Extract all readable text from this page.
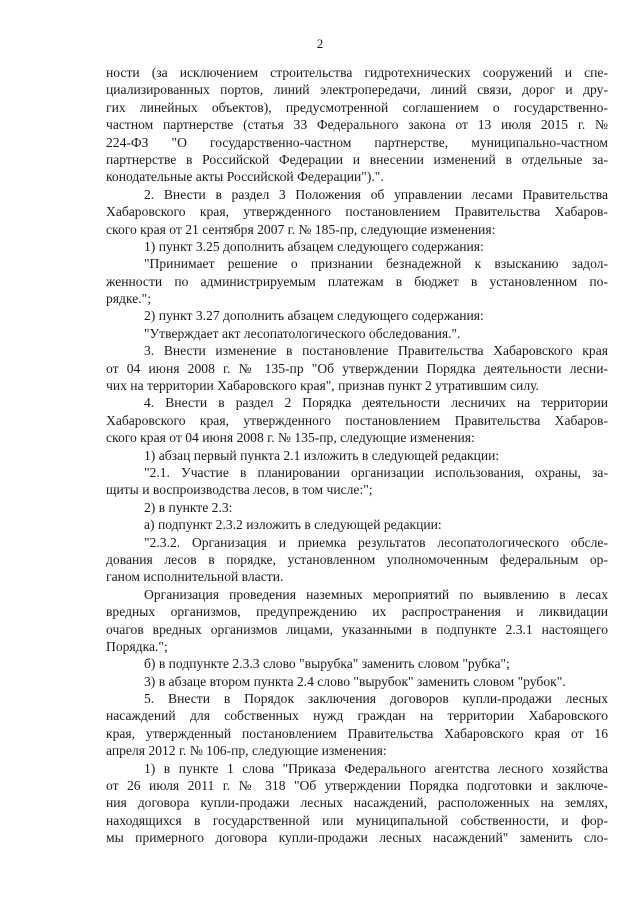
2
ности (за исключением строительства гидротехнических сооружений и спе-
циализированных портов, линий электропередачи, линий связи, дорог и дру-
гих линейных объектов), предусмотренной соглашением о государственно-
частном партнерстве (статья 33 Федерального закона от 13 июля 2015 г. №
224-ФЗ "О государственно-частном партнерстве, муниципально-частном
партнерстве в Российской Федерации и внесении изменений в отдельные за-
конодательные акты Российской Федерации").".
2. Внести в раздел 3 Положения об управлении лесами Правительства
Хабаровского края, утвержденного постановлением Правительства Хабаров-
ского края от 21 сентября 2007 г. № 185-пр, следующие изменения:
1) пункт 3.25 дополнить абзацем следующего содержания:
"Принимает решение о признании безнадежной к взысканию задол-
женности по администрируемым платежам в бюджет в установленном по-
рядке.";
2) пункт 3.27 дополнить абзацем следующего содержания:
"Утверждает акт лесопатологического обследования.".
3. Внести изменение в постановление Правительства Хабаровского края
от 04 июня 2008 г. № 135-пр "Об утверждении Порядка деятельности лесни-
чих на территории Хабаровского края", признав пункт 2 утратившим силу.
4. Внести в раздел 2 Порядка деятельности лесничих на территории
Хабаровского края, утвержденного постановлением Правительства Хабаров-
ского края от 04 июня 2008 г. № 135-пр, следующие изменения:
1) абзац первый пункта 2.1 изложить в следующей редакции:
"2.1. Участие в планировании организации использования, охраны, за-
щиты и воспроизводства лесов, в том числе:";
2) в пункте 2.3:
а) подпункт 2.3.2 изложить в следующей редакции:
"2.3.2. Организация и приемка результатов лесопатологического обсле-
дования лесов в порядке, установленном уполномоченным федеральным ор-
ганом исполнительной власти.
Организация проведения наземных мероприятий по выявлению в лесах
вредных организмов, предупреждению их распространения и ликвидации
очагов вредных организмов лицами, указанными в подпункте 2.3.1 настоящего
Порядка.";
б) в подпункте 2.3.3 слово "вырубка" заменить словом "рубка";
3) в абзаце втором пункта 2.4 слово "вырубок" заменить словом "рубок".
5. Внести в Порядок заключения договоров купли-продажи лесных
насаждений для собственных нужд граждан на территории Хабаровского
края, утвержденный постановлением Правительства Хабаровского края от 16
апреля 2012 г. № 106-пр, следующие изменения:
1) в пункте 1 слова "Приказа Федерального агентства лесного хозяйства
от 26 июля 2011 г. № 318 "Об утверждении Порядка подготовки и заключе-
ния договора купли-продажи лесных насаждений, расположенных на землях,
находящихся в государственной или муниципальной собственности, и фор-
мы примерного договора купли-продажи лесных насаждений" заменить сло-
